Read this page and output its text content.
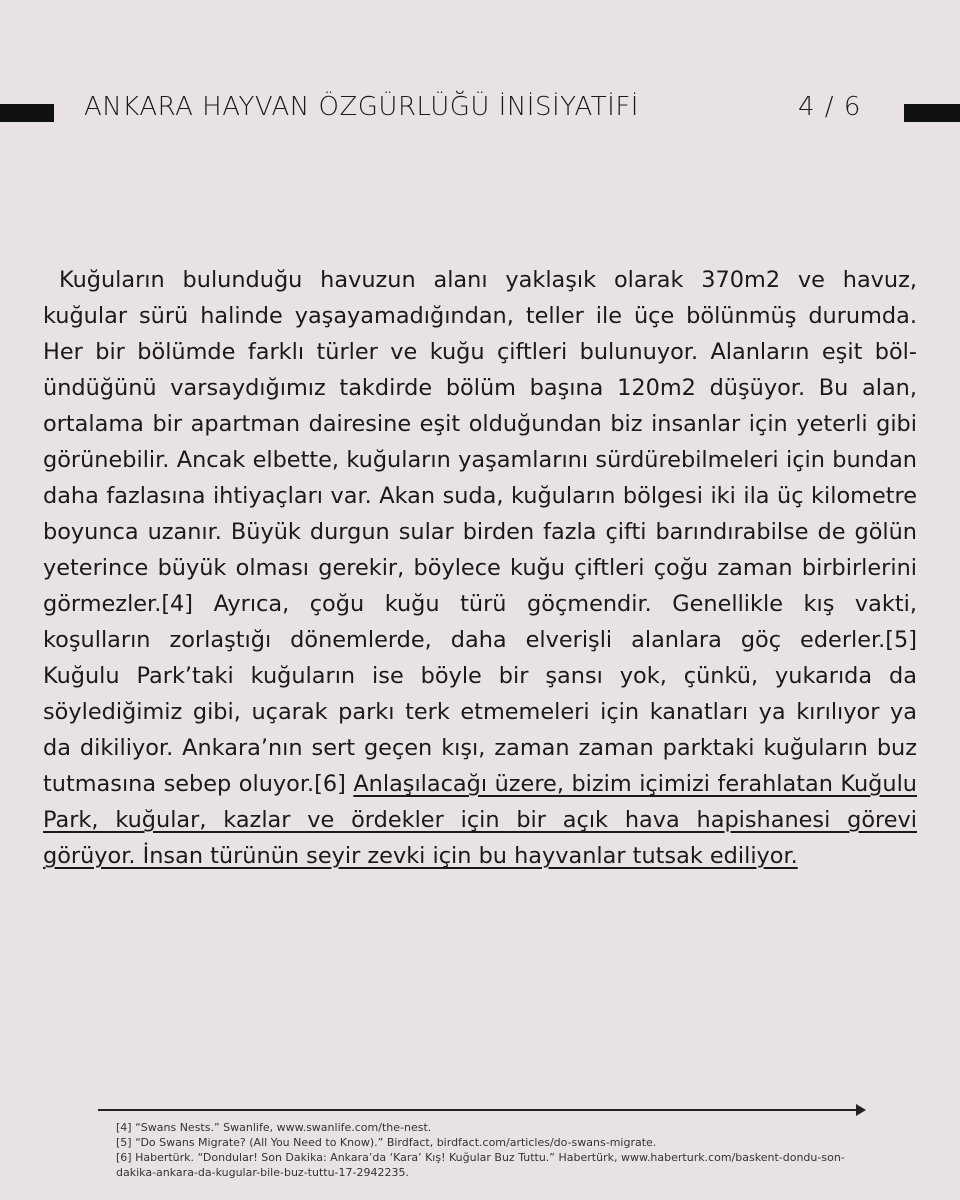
ANKARA HAYVAN ÖZGÜRLÜĞÜ İNİSİYATİFİ	4 / 6
Kuğuların bulunduğu havuzun alanı yaklaşık olarak 370m2 ve havuz, kuğular sürü halinde yaşayamadığından, teller ile üçe bölünmüş durumda. Her bir bölümde farklı türler ve kuğu çiftleri bulunuyor. Alanların eşit bölündüğünü varsaydığımız takdirde bölüm başına 120m2 düşüyor. Bu alan, ortalama bir apartman dairesine eşit olduğundan biz insanlar için yeterli gibi görünebilir. Ancak elbette, kuğuların yaşamlarını sürdürebilmeleri için bundan daha fazlasına ihtiyaçları var. Akan suda, kuğuların bölgesi iki ila üç kilometre boyunca uzanır. Büyük durgun sular birden fazla çifti barındırabilse de gölün yeterince büyük olması gerekir, böylece kuğu çiftleri çoğu zaman birbirlerini görmezler.[4] Ayrıca, çoğu kuğu türü göçmendir. Genellikle kış vakti, koşulların zorlaştığı dönemlerde, daha elverişli alanlara göç ederler.[5] Kuğulu Park’taki kuğuların ise böyle bir şansı yok, çünkü, yukarıda da söylediğimiz gibi, uçarak parkı terk etmemeleri için kanatları ya kırılıyor ya da dikiliyor. Ankara’nın sert geçen kışı, zaman zaman parktaki kuğuların buz tutmasına sebep oluyor.[6] Anlaşılacağı üzere, bizim içimizi ferahlatan Kuğulu Park, kuğular, kazlar ve ördekler için bir açık hava hapishanesi görevi görüyor. İnsan türünün seyir zevki için bu hayvanlar tutsak ediliyor.
[4] “Swans Nests.” Swanlife, www.swanlife.com/the-nest.
[5] “Do Swans Migrate? (All You Need to Know).” Birdfact, birdfact.com/articles/do-swans-migrate.
[6] Habertürk. “Dondular! Son Dakika: Ankara’da ‘Kara’ Kış! Kuğular Buz Tuttu.” Habertürk, www.haberturk.com/baskent-dondu-son-dakika-ankara-da-kugular-bile-buz-tuttu-17-2942235.
